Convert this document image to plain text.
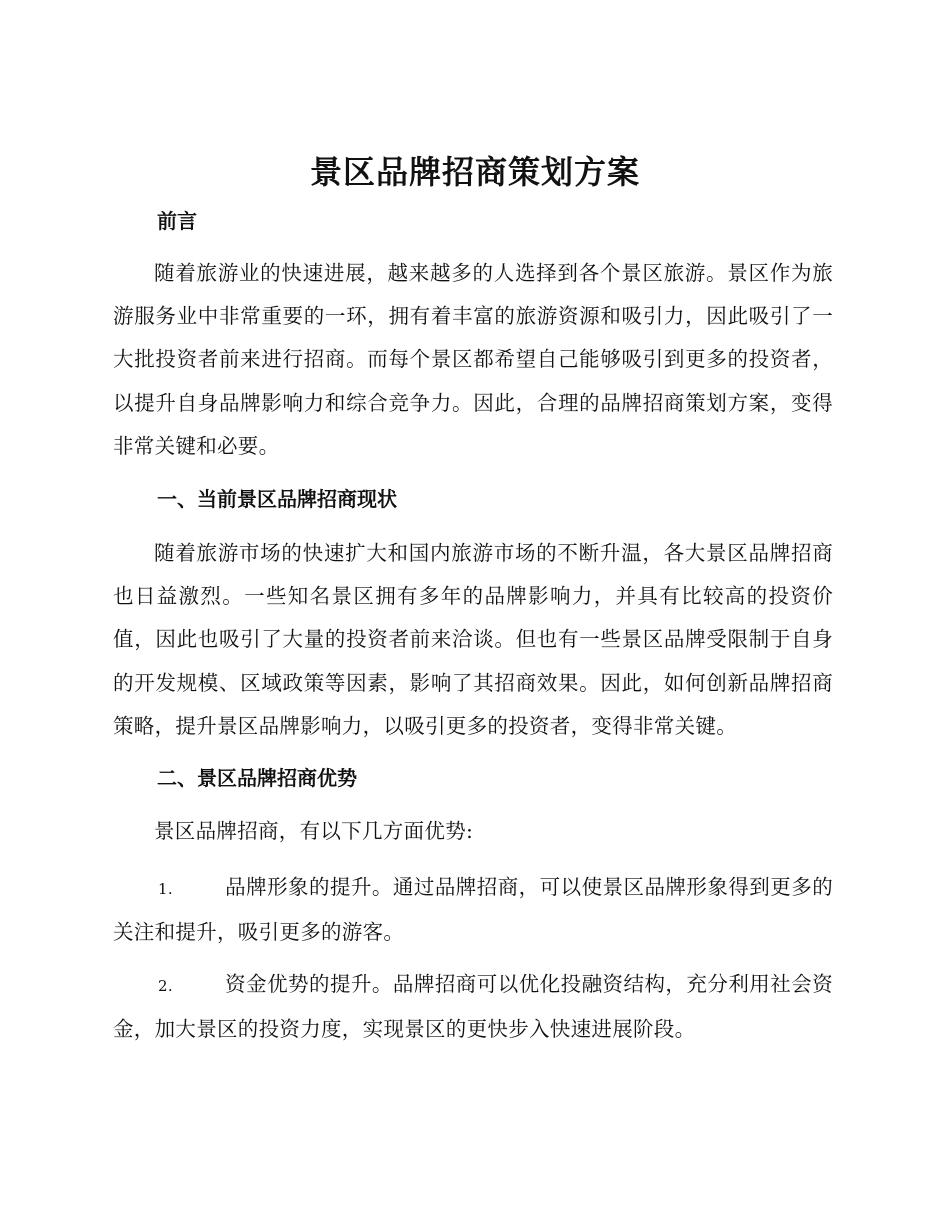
景区品牌招商策划方案
前言

随着旅游业的快速进展，越来越多的人选择到各个景区旅游。景区作为旅游服务业中非常重要的一环，拥有着丰富的旅游资源和吸引力，因此吸引了一大批投资者前来进行招商。而每个景区都希望自己能够吸引到更多的投资者，以提升自身品牌影响力和综合竞争力。因此，合理的品牌招商策划方案，变得非常关键和必要。

一、当前景区品牌招商现状

随着旅游市场的快速扩大和国内旅游市场的不断升温，各大景区品牌招商也日益激烈。一些知名景区拥有多年的品牌影响力，并具有比较高的投资价值，因此也吸引了大量的投资者前来洽谈。但也有一些景区品牌受限制于自身的开发规模、区域政策等因素，影响了其招商效果。因此，如何创新品牌招商策略，提升景区品牌影响力，以吸引更多的投资者，变得非常关键。

二、景区品牌招商优势

景区品牌招商，有以下几方面优势:

1.	品牌形象的提升。通过品牌招商，可以使景区品牌形象得到更多的关注和提升，吸引更多的游客。

2.	资金优势的提升。品牌招商可以优化投融资结构，充分利用社会资金，加大景区的投资力度，实现景区的更快步入快速进展阶段。
